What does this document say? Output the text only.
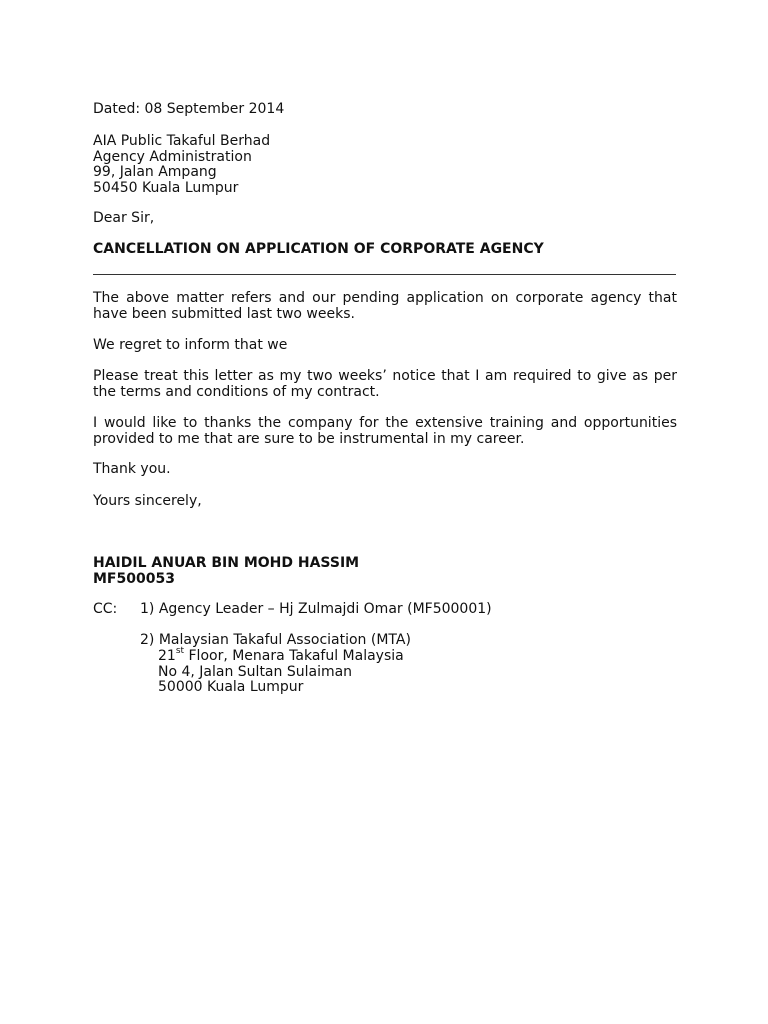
Dated: 08 September 2014
AIA Public Takaful Berhad
Agency Administration
99, Jalan Ampang
50450 Kuala Lumpur
Dear Sir,
CANCELLATION ON APPLICATION OF CORPORATE AGENCY
The above matter refers and our pending application on corporate agency that have been submitted last two weeks.
We regret to inform that we
Please treat this letter as my two weeks’ notice that I am required to give as per the terms and conditions of my contract.
I would like to thanks the company for the extensive training and opportunities provided to me that are sure to be instrumental in my career.
Thank you.
Yours sincerely,
HAIDIL ANUAR BIN MOHD HASSIM
MF500053
CC: 1) Agency Leader – Hj Zulmajdi Omar (MF500001)
2) Malaysian Takaful Association (MTA)
21st Floor, Menara Takaful Malaysia
No 4, Jalan Sultan Sulaiman
50000 Kuala Lumpur
